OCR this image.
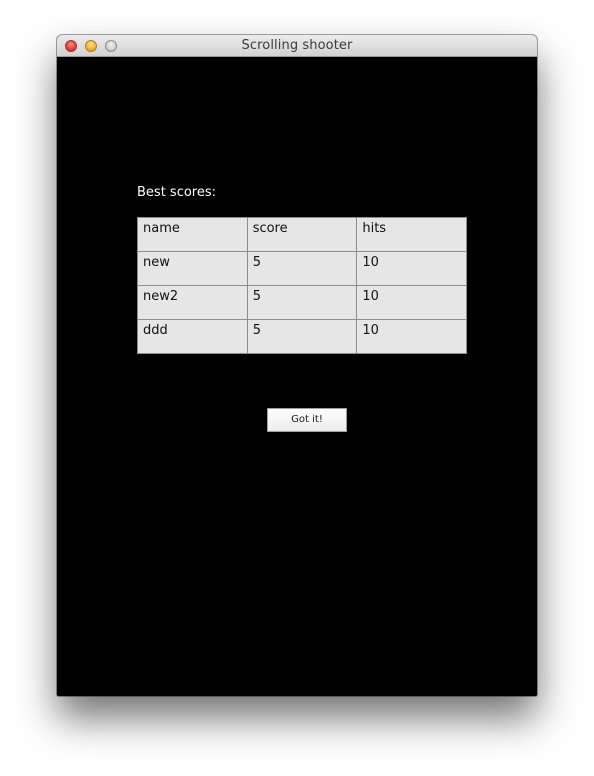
Scrolling shooter
Best scores:
name	score	hits
new	5	10
new2	5	10
ddd	5	10
Got it!
